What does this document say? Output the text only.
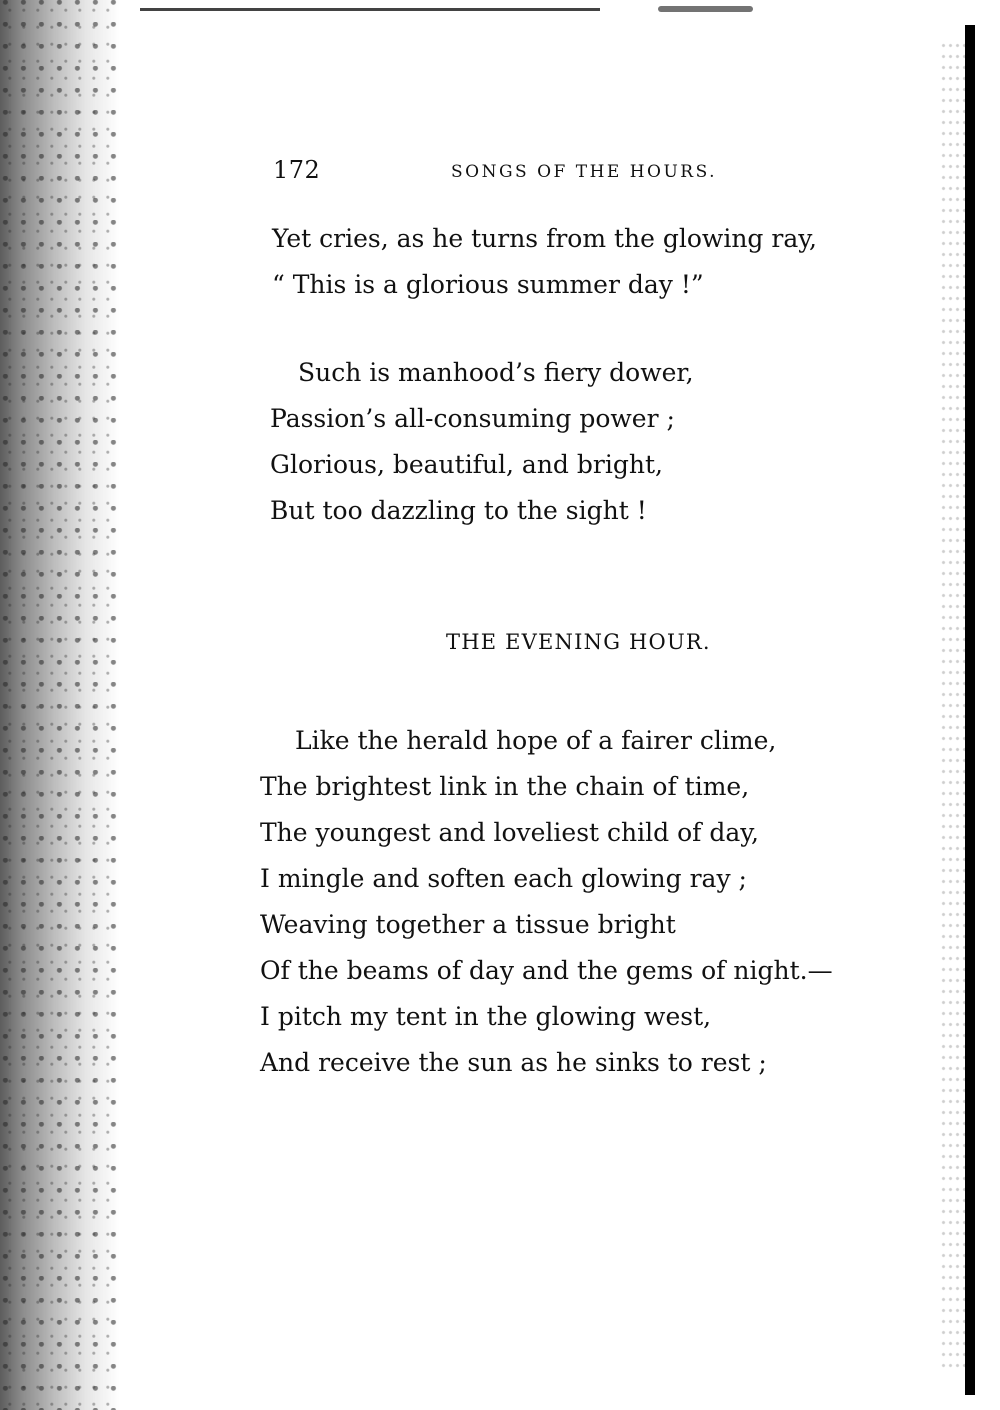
172	SONGS OF THE HOURS.
Yet cries, as he turns from the glowing ray,
“ This is a glorious summer day !”
Such is manhood’s fiery dower,
Passion’s all-consuming power ;
Glorious, beautiful, and bright,
But too dazzling to the sight !
THE EVENING HOUR.
Like the herald hope of a fairer clime,
The brightest link in the chain of time,
The youngest and loveliest child of day,
I mingle and soften each glowing ray ;
Weaving together a tissue bright
Of the beams of day and the gems of night.—
I pitch my tent in the glowing west,
And receive the sun as he sinks to rest ;
